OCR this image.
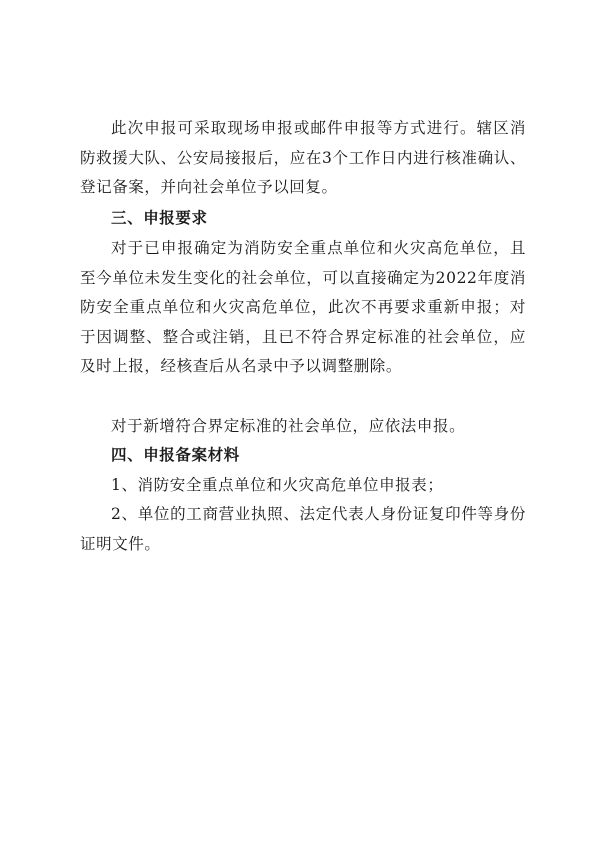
此次申报可采取现场申报或邮件申报等方式进行。辖区消防救援大队、公安局接报后，应在3个工作日内进行核准确认、登记备案，并向社会单位予以回复。

三、申报要求

对于已申报确定为消防安全重点单位和火灾高危单位，且至今单位未发生变化的社会单位，可以直接确定为2022年度消防安全重点单位和火灾高危单位，此次不再要求重新申报；对于因调整、整合或注销，且已不符合界定标准的社会单位，应及时上报，经核查后从名录中予以调整删除。

对于新增符合界定标准的社会单位，应依法申报。

四、申报备案材料

1、消防安全重点单位和火灾高危单位申报表；

2、单位的工商营业执照、法定代表人身份证复印件等身份证明文件。
